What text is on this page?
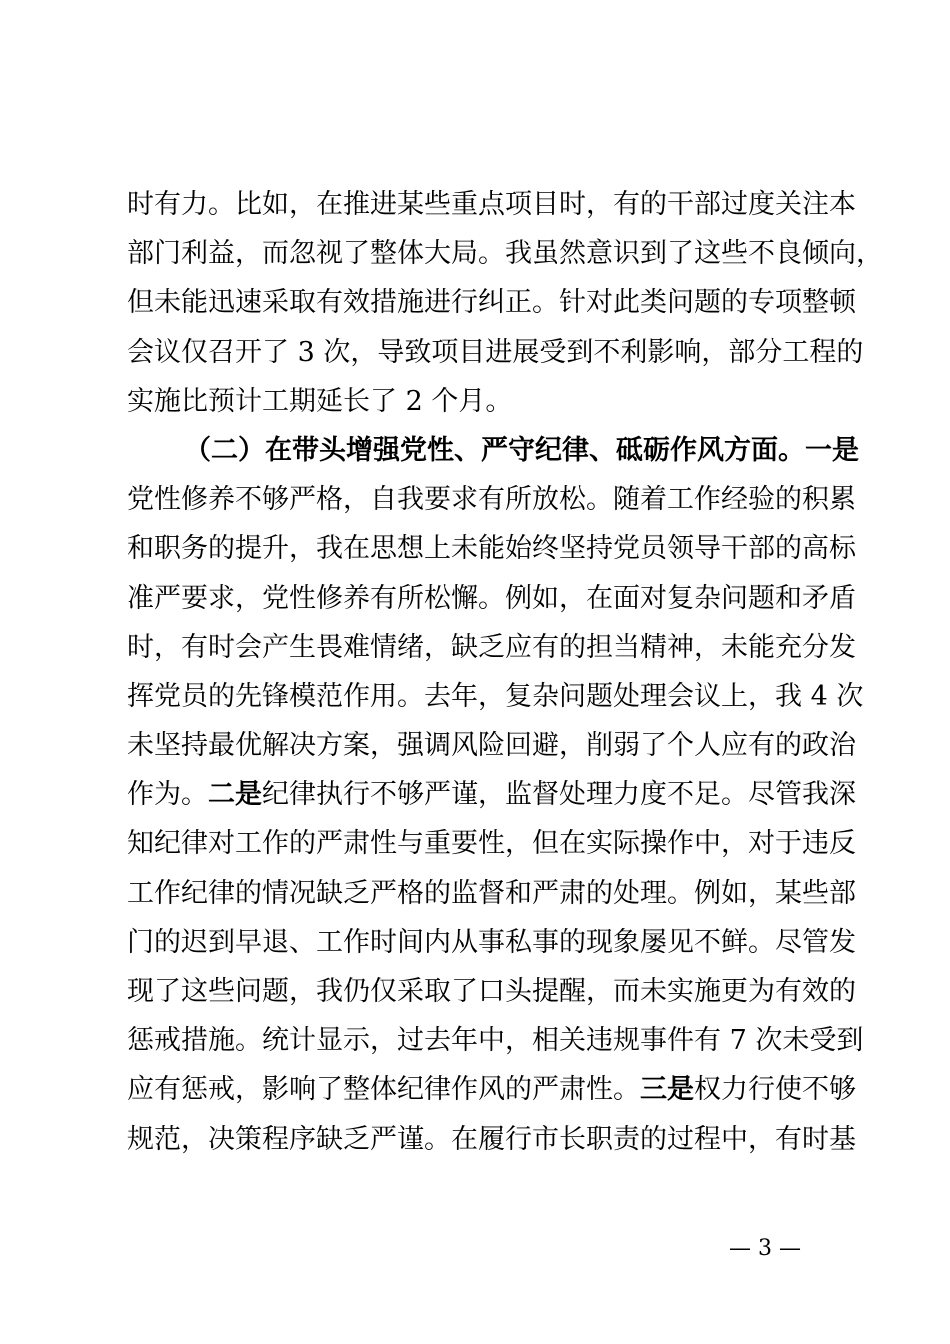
时有力。比如，在推进某些重点项目时，有的干部过度关注本
部门利益，而忽视了整体大局。我虽然意识到了这些不良倾向，
但未能迅速采取有效措施进行纠正。针对此类问题的专项整顿
会议仅召开了 3 次，导致项目进展受到不利影响，部分工程的
实施比预计工期延长了 2 个月。
（二）在带头增强党性、严守纪律、砥砺作风方面。一是
党性修养不够严格，自我要求有所放松。随着工作经验的积累
和职务的提升，我在思想上未能始终坚持党员领导干部的高标
准严要求，党性修养有所松懈。例如，在面对复杂问题和矛盾
时，有时会产生畏难情绪，缺乏应有的担当精神，未能充分发
挥党员的先锋模范作用。去年，复杂问题处理会议上，我 4 次
未坚持最优解决方案，强调风险回避，削弱了个人应有的政治
作为。二是纪律执行不够严谨，监督处理力度不足。尽管我深
知纪律对工作的严肃性与重要性，但在实际操作中，对于违反
工作纪律的情况缺乏严格的监督和严肃的处理。例如，某些部
门的迟到早退、工作时间内从事私事的现象屡见不鲜。尽管发
现了这些问题，我仍仅采取了口头提醒，而未实施更为有效的
惩戒措施。统计显示，过去年中，相关违规事件有 7 次未受到
应有惩戒，影响了整体纪律作风的严肃性。三是权力行使不够
规范，决策程序缺乏严谨。在履行市长职责的过程中，有时基
— 3 —
